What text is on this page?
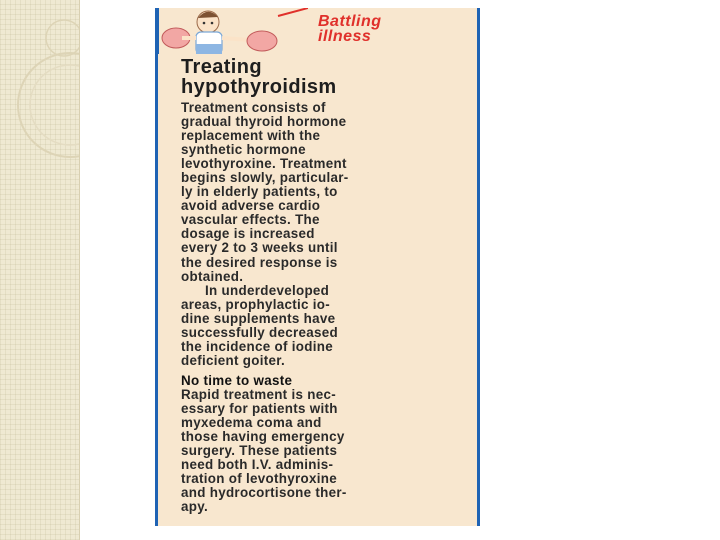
Battling
illness
Treating
hypothyroidism
Treatment consists of
gradual thyroid hormone
replacement with the
synthetic hormone
levothyroxine. Treatment
begins slowly, particular-
ly in elderly patients, to
avoid adverse cardio
vascular effects. The
dosage is increased
every 2 to 3 weeks until
the desired response is
obtained.
In underdeveloped
areas, prophylactic io-
dine supplements have
successfully decreased
the incidence of iodine
deficient goiter.
No time to waste
Rapid treatment is nec-
essary for patients with
myxedema coma and
those having emergency
surgery. These patients
need both I.V. adminis-
tration of levothyroxine
and hydrocortisone ther-
apy.
